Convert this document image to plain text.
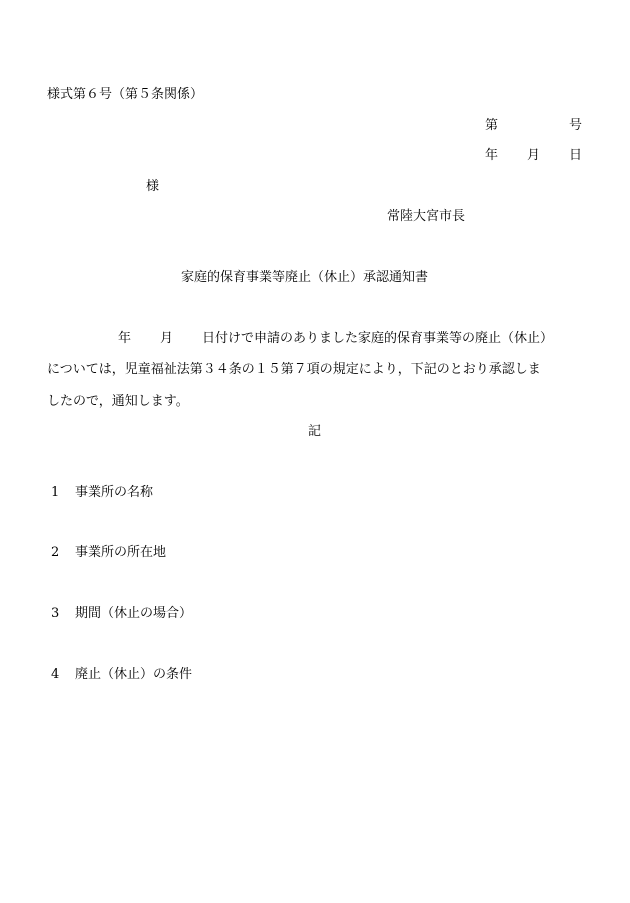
様式第６号（第５条関係）
第	号
年 月 日
様
常陸大宮市長
家庭的保育事業等廃止（休止）承認通知書
年 月 日付けで申請のありました家庭的保育事業等の廃止（休止）
については，児童福祉法第３４条の１５第７項の規定により，下記のとおり承認しま
したので，通知します。
記
1 事業所の名称
2 事業所の所在地
3 期間（休止の場合）
4 廃止（休止）の条件
